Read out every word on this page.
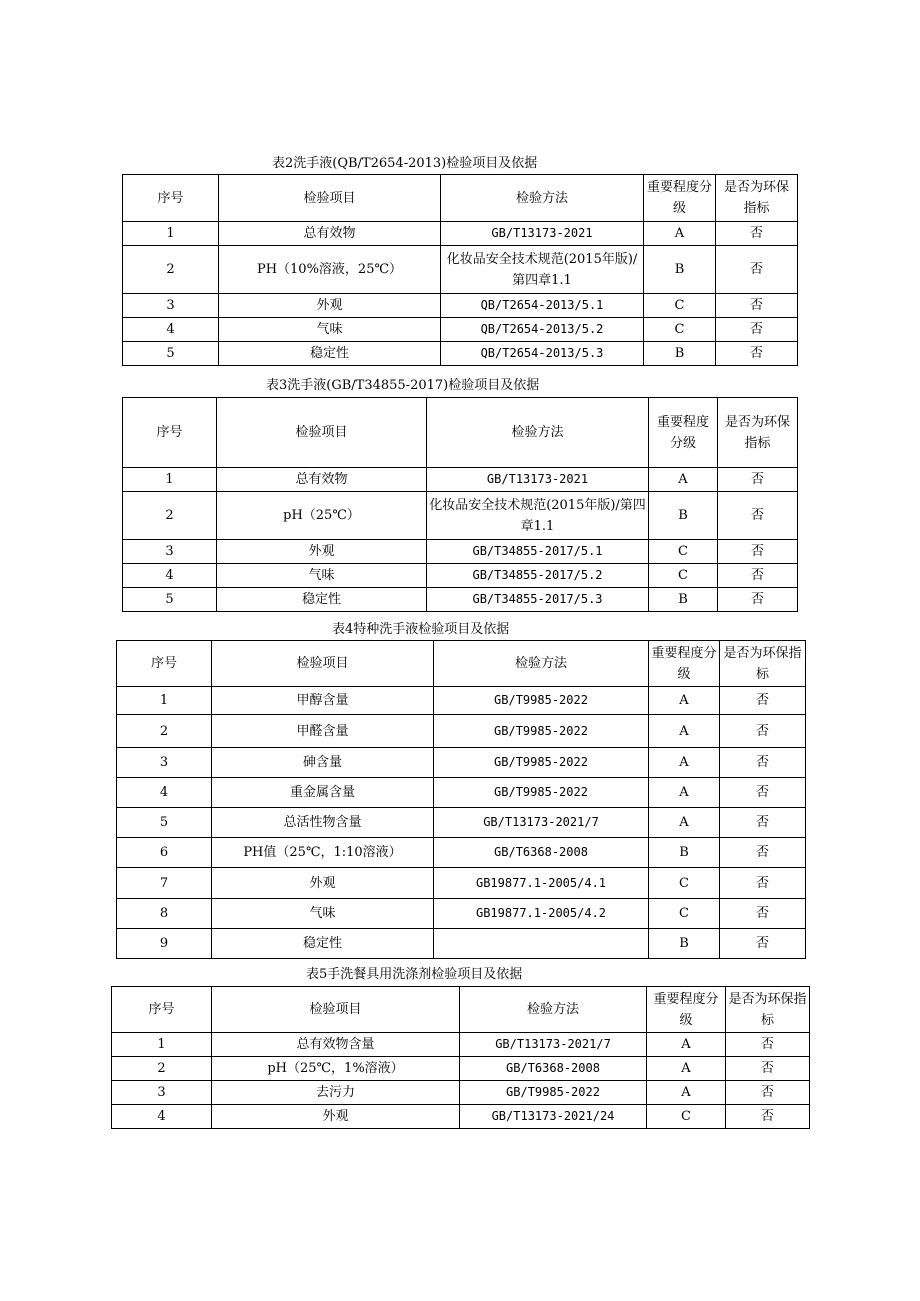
表2洗手液(QB/T2654-2013)检验项目及依据
序号	检验项目	检验方法	重要程度分级	是否为环保指标
1	总有效物	GB/T13173-2021	A	否
2	PH（10%溶液，25℃）	化妆品安全技术规范(2015年版)/第四章1.1	B	否
3	外观	QB/T2654-2013/5.1	C	否
4	气味	QB/T2654-2013/5.2	C	否
5	稳定性	QB/T2654-2013/5.3	B	否
表3洗手液(GB/T34855-2017)检验项目及依据
序号	检验项目	检验方法	重要程度分级	是否为环保指标
1	总有效物	GB/T13173-2021	A	否
2	pH（25℃）	化妆品安全技术规范(2015年版)/第四章1.1	B	否
3	外观	GB/T34855-2017/5.1	C	否
4	气味	GB/T34855-2017/5.2	C	否
5	稳定性	GB/T34855-2017/5.3	B	否
表4特种洗手液检验项目及依据
序号	检验项目	检验方法	重要程度分级	是否为环保指标
1	甲醇含量	GB/T9985-2022	A	否
2	甲醛含量	GB/T9985-2022	A	否
3	砷含量	GB/T9985-2022	A	否
4	重金属含量	GB/T9985-2022	A	否
5	总活性物含量	GB/T13173-2021/7	A	否
6	PH值（25℃，1:10溶液）	GB/T6368-2008	B	否
7	外观	GB19877.1-2005/4.1	C	否
8	气味	GB19877.1-2005/4.2	C	否
9	稳定性		B	否
表5手洗餐具用洗涤剂检验项目及依据
序号	检验项目	检验方法	重要程度分级	是否为环保指标
1	总有效物含量	GB/T13173-2021/7	A	否
2	pH（25℃，1%溶液）	GB/T6368-2008	A	否
3	去污力	GB/T9985-2022	A	否
4	外观	GB/T13173-2021/24	C	否
